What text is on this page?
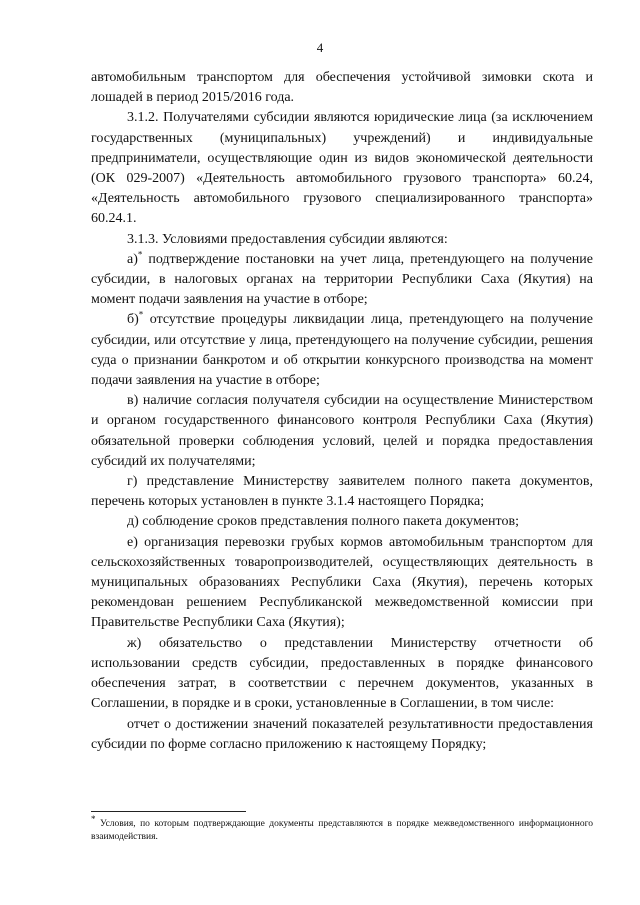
4

автомобильным транспортом для обеспечения устойчивой зимовки скота и лошадей в период 2015/2016 года.

3.1.2. Получателями субсидии являются юридические лица (за исключением государственных (муниципальных) учреждений) и индивидуальные предприниматели, осуществляющие один из видов экономической деятельности (ОК 029-2007) «Деятельность автомобильного грузового транспорта» 60.24, «Деятельность автомобильного грузового специализированного транспорта» 60.24.1.

3.1.3. Условиями предоставления субсидии являются:

а)* подтверждение постановки на учет лица, претендующего на получение субсидии, в налоговых органах на территории Республики Саха (Якутия) на момент подачи заявления на участие в отборе;

б)* отсутствие процедуры ликвидации лица, претендующего на получение субсидии, или отсутствие у лица, претендующего на получение субсидии, решения суда о признании банкротом и об открытии конкурсного производства на момент подачи заявления на участие в отборе;

в) наличие согласия получателя субсидии на осуществление Министерством и органом государственного финансового контроля Республики Саха (Якутия) обязательной проверки соблюдения условий, целей и порядка предоставления субсидий их получателями;

г) представление Министерству заявителем полного пакета документов, перечень которых установлен в пункте 3.1.4 настоящего Порядка;

д) соблюдение сроков представления полного пакета документов;

е) организация перевозки грубых кормов автомобильным транспортом для сельскохозяйственных товаропроизводителей, осуществляющих деятельность в муниципальных образованиях Республики Саха (Якутия), перечень которых рекомендован решением Республиканской межведомственной комиссии при Правительстве Республики Саха (Якутия);

ж) обязательство о представлении Министерству отчетности об использовании средств субсидии, предоставленных в порядке финансового обеспечения затрат, в соответствии с перечнем документов, указанных в Соглашении, в порядке и в сроки, установленные в Соглашении, в том числе:

отчет о достижении значений показателей результативности предоставления субсидии по форме согласно приложению к настоящему Порядку;

* Условия, по которым подтверждающие документы представляются в порядке межведомственного информационного взаимодействия.
